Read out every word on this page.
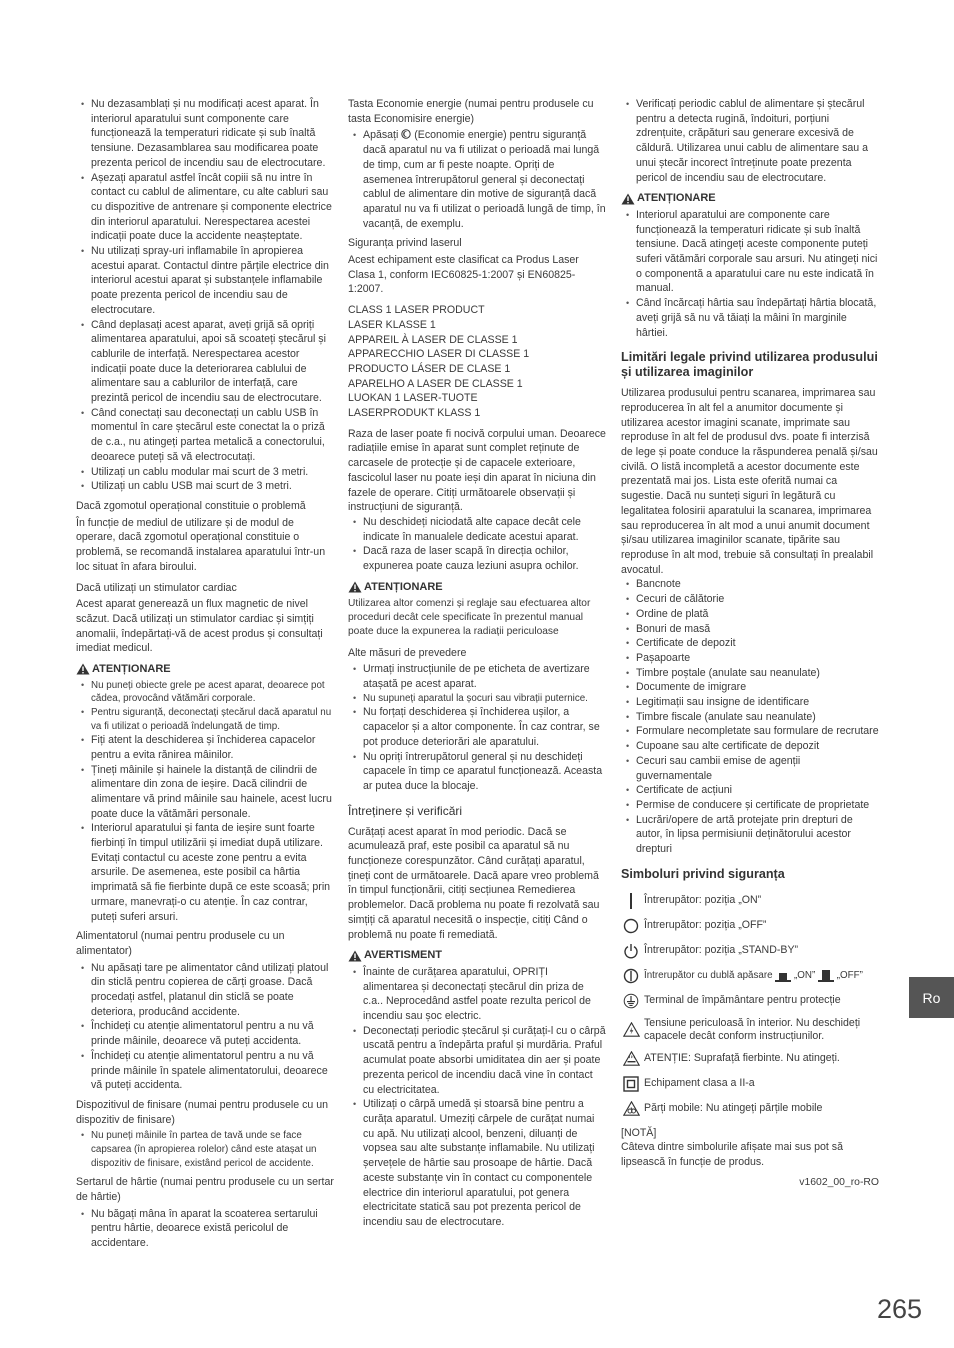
• Nu dezasamblați și nu modificați acest aparat. În interiorul aparatului sunt componente care funcționează la temperaturi ridicate și sub înaltă tensiune. Dezasamblarea sau modificarea poate prezenta pericol de incendiu sau de electrocutare.
• Așezați aparatul astfel încât copiii să nu intre în contact cu cablul de alimentare, cu alte cabluri sau cu dispozitive de antrenare și componente electrice din interiorul aparatului. Nerespectarea acestei indicații poate duce la accidente neașteptate.
• Nu utilizați spray-uri inflamabile în apropierea acestui aparat. Contactul dintre părțile electrice din interiorul acestui aparat și substanțele inflamabile poate prezenta pericol de incendiu sau de electrocutare.
• Când deplasați acest aparat, aveți grijă să opriți alimentarea aparatului, apoi să scoateți ștecărul și cablurile de interfață. Nerespectarea acestor indicații poate duce la deteriorarea cablului de alimentare sau a cablurilor de interfață, care prezintă pericol de incendiu sau de electrocutare.
• Când conectați sau deconectați un cablu USB în momentul în care ștecărul este conectat la o priză de c.a., nu atingeți partea metalică a conectorului, deoarece puteți să vă electrocutați.
• Utilizați un cablu modular mai scurt de 3 metri.
• Utilizați un cablu USB mai scurt de 3 metri.
Dacă zgomotul operațional constituie o problemă

În funcție de mediul de utilizare și de modul de operare, dacă zgomotul operațional constituie o problemă, se recomandă instalarea aparatului într-un loc situat în afara biroului.

Dacă utilizați un stimulator cardiac

Acest aparat generează un flux magnetic de nivel scăzut. Dacă utilizați un stimulator cardiac și simțiți anomalii, îndepărtați-vă de acest produs și consultați imediat medicul.

ATENȚIONARE
• Nu puneți obiecte grele pe acest aparat, deoarece pot cădea, provocând vătămări corporale.
• Pentru siguranță, deconectați ștecărul dacă aparatul nu va fi utilizat o perioadă îndelungată de timp.
• Fiți atent la deschiderea și închiderea capacelor pentru a evita rănirea mâinilor.
• Țineți mâinile și hainele la distanță de cilindrii de alimentare din zona de ieșire. Dacă cilindrii de alimentare vă prind mâinile sau hainele, acest lucru poate duce la vătămări personale.
• Interiorul aparatului și fanta de ieșire sunt foarte fierbinți în timpul utilizării și imediat după utilizare. Evitați contactul cu aceste zone pentru a evita arsurile. De asemenea, este posibil ca hârtia imprimată să fie fierbinte după ce este scoasă; prin urmare, manevrați-o cu atenție. În caz contrar, puteți suferi arsuri.
Alimentatorul (numai pentru produsele cu un alimentator)
• Nu apăsați tare pe alimentator când utilizați platoul din sticlă pentru copierea de cărți groase. Dacă procedați astfel, platanul din sticlă se poate deteriora, producând accidente.
• Închideți cu atenție alimentatorul pentru a nu vă prinde mâinile, deoarece vă puteți accidenta.
• Închideți cu atenție alimentatorul pentru a nu vă prinde mâinile în spatele alimentatorului, deoarece vă puteți accidenta.
Dispozitivul de finisare (numai pentru produsele cu un dispozitiv de finisare)
• Nu puneți mâinile în partea de tavă unde se face capsarea (în apropierea rolelor) când este atașat un dispozitiv de finisare, existând pericol de accidente.
Sertarul de hârtie (numai pentru produsele cu un sertar de hârtie)
• Nu băgați mâna în aparat la scoaterea sertarului pentru hârtie, deoarece există pericolul de accidentare.
Tasta Economie energie (numai pentru produsele cu tasta Economisire energie)
• Apăsați (Economie energie) pentru siguranță dacă aparatul nu va fi utilizat o perioadă mai lungă de timp, cum ar fi peste noapte. Opriți de asemenea întrerupătorul general și deconectați cablul de alimentare din motive de siguranță dacă aparatul nu va fi utilizat o perioadă lungă de timp, în vacanță, de exemplu.
Siguranța privind laserul

Acest echipament este clasificat ca Produs Laser Clasa 1, conform IEC60825-1:2007 și EN60825-1:2007.

CLASS 1 LASER PRODUCT
LASER KLASSE 1
APPAREIL À LASER DE CLASSE 1
APPARECCHIO LASER DI CLASSE 1
PRODUCTO LÁSER DE CLASE 1
APARELHO A LASER DE CLASSE 1
LUOKAN 1 LASER-TUOTE
LASERPRODUKT KLASS 1

Raza de laser poate fi nocivă corpului uman. Deoarece radiațiile emise în aparat sunt complet reținute de carcasele de protecție și de capacele exterioare, fascicolul laser nu poate ieși din aparat în niciuna din fazele de operare. Citiți următoarele observații și instrucțiuni de siguranță.

• Nu deschideți niciodată alte capace decât cele indicate în manualele dedicate acestui aparat.
• Dacă raza de laser scapă în direcția ochilor, expunerea poate cauza leziuni asupra ochilor.
ATENȚIONARE

Utilizarea altor comenzi și reglaje sau efectuarea altor proceduri decât cele specificate în prezentul manual poate duce la expunerea la radiații periculoase

Alte măsuri de prevedere
• Urmați instrucțiunile de pe eticheta de avertizare atașată pe acest aparat.
• Nu supuneți aparatul la șocuri sau vibrații puternice.
• Nu forțați deschiderea și închiderea ușilor, a capacelor și a altor componente. În caz contrar, se pot produce deteriorări ale aparatului.
• Nu opriți întrerupătorul general și nu deschideți capacele în timp ce aparatul funcționează. Aceasta ar putea duce la blocaje.
Întreținere și verificări

Curățați acest aparat în mod periodic. Dacă se acumulează praf, este posibil ca aparatul să nu funcționeze corespunzător. Când curățați aparatul, țineți cont de următoarele. Dacă apare vreo problemă în timpul funcționării, citiți secțiunea Remedierea problemelor. Dacă problema nu poate fi rezolvată sau simțiți că aparatul necesită o inspecție, citiți Când o problemă nu poate fi remediată.

AVERTISMENT
• Înainte de curățarea aparatului, OPRIȚI alimentarea și deconectați ștecărul din priza de c.a.. Neprocedând astfel poate rezulta pericol de incendiu sau șoc electric.
• Deconectați periodic ștecărul și curățați-l cu o cârpă uscată pentru a îndepărta praful și murdăria. Praful acumulat poate absorbi umiditatea din aer și poate prezenta pericol de incendiu dacă vine în contact cu electricitatea.
• Utilizați o cârpă umedă și stoarsă bine pentru a curăța aparatul. Umeziți cârpele de curățat numai cu apă. Nu utilizați alcool, benzeni, diluanți de vopsea sau alte substanțe inflamabile. Nu utilizați șervețele de hârtie sau prosoape de hârtie. Dacă aceste substanțe vin în contact cu componentele electrice din interiorul aparatului, pot genera electricitate statică sau pot prezenta pericol de incendiu sau de electrocutare.
• Verificați periodic cablul de alimentare și ștecărul pentru a detecta rugină, îndoituri, porțiuni zdrențuite, crăpături sau generare excesivă de căldură. Utilizarea unui cablu de alimentare sau a unui ștecăr incorect întreținute poate prezenta pericol de incendiu sau de electrocutare.
ATENȚIONARE
• Interiorul aparatului are componente care funcționează la temperaturi ridicate și sub înaltă tensiune. Dacă atingeți aceste componente puteți suferi vătămări corporale sau arsuri. Nu atingeți nici o componentă a aparatului care nu este indicată în manual.
• Când încărcați hârtia sau îndepărtați hârtia blocată, aveți grijă să nu vă tăiați la mâini în marginile hârtiei.
Limitări legale privind utilizarea produsului și utilizarea imaginilor

Utilizarea produsului pentru scanarea, imprimarea sau reproducerea în alt fel a anumitor documente și utilizarea acestor imagini scanate, imprimate sau reproduse în alt fel de produsul dvs. poate fi interzisă de lege și poate conduce la răspunderea penală și/sau civilă. O listă incompletă a acestor documente este prezentată mai jos. Lista este oferită numai ca sugestie. Dacă nu sunteți siguri în legătură cu legalitatea folosirii aparatului la scanarea, imprimarea sau reproducerea în alt mod a unui anumit document și/sau utilizarea imaginilor scanate, tipărite sau reproduse în alt mod, trebuie să consultați în prealabil avocatul.

• Bancnote
• Cecuri de călătorie
• Ordine de plată
• Bonuri de masă
• Certificate de depozit
• Pașapoarte
• Timbre poștale (anulate sau neanulate)
• Documente de imigrare
• Legitimații sau insigne de identificare
• Timbre fiscale (anulate sau neanulate)
• Formulare necompletate sau formulare de recrutare
• Cupoane sau alte certificate de depozit
• Cecuri sau cambii emise de agenții guvernamentale
• Certificate de acțiuni
• Permise de conducere și certificate de proprietate
• Lucrări/opere de artă protejate prin drepturi de autor, în lipsa permisiunii deținătorului acestor drepturi
Simboluri privind siguranța
Întrerupător: poziția „ON”
Întrerupător: poziția „OFF”
Întrerupător: poziția „STAND-BY”
Întrerupător cu dublă apăsare „ON” „OFF”
Terminal de împământare pentru protecție
Tensiune periculoasă în interior. Nu deschideți capacele decât conform instrucțiunilor.
ATENȚIE: Suprafață fierbinte. Nu atingeți.
Echipament clasa a II-a
Părți mobile: Nu atingeți părțile mobile
[NOTĂ]
Câteva dintre simbolurile afișate mai sus pot să lipsească în funcție de produs.
v1602_00_ro-RO
Ro
265
